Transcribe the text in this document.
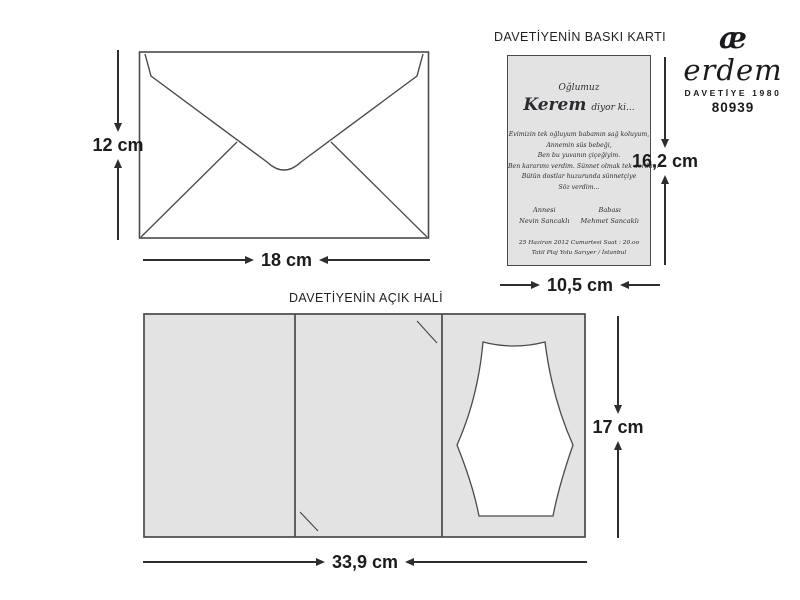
12 cm
18 cm
DAVETİYENİN BASKI KARTI
Oğlumuz
Kerem diyor ki...
Evimizin tek oğluyum babamın sağ koluyum,
Annemin süs bebeği,
Ben bu yuvanın çiçeğiyim.
Ben kararımı verdim. Sünnet olmak tek derdim.
Bütün dostlar huzurunda sünnetçiye
Söz verdim...
Annesi
Nevin Sancaklı
Babası
Mehmet Sancaklı
25 Haziran 2012 Cumartesi Saat : 20.oo
Tatil Plaj Yolu Sarıyer / İstanbul
16,2 cm
10,5 cm
æ
erdem
DAVETİYE 1980
80939
DAVETİYENİN AÇIK HALİ
17 cm
33,9 cm
